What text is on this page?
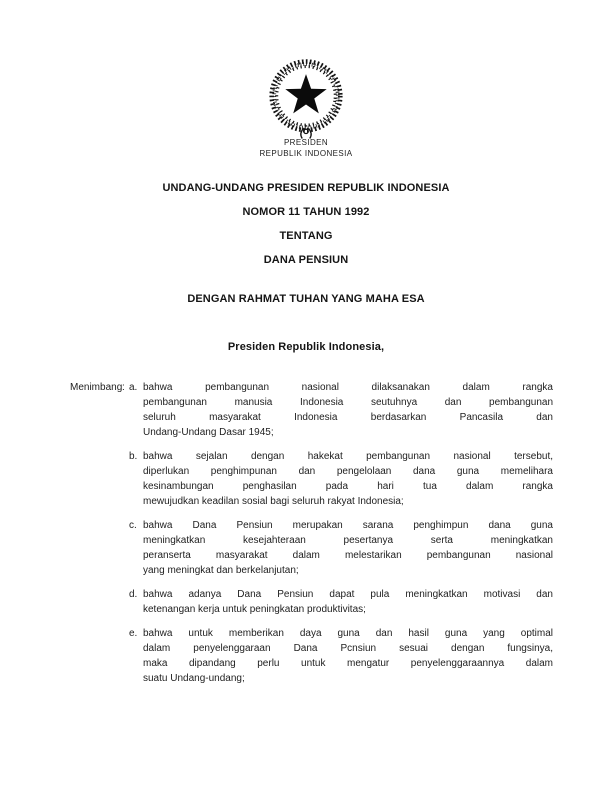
PRESIDEN
REPUBLIK INDONESIA
UNDANG-UNDANG PRESIDEN REPUBLIK INDONESIA
NOMOR 11 TAHUN 1992
TENTANG
DANA PENSIUN
DENGAN RAHMAT TUHAN YANG MAHA ESA
Presiden Republik Indonesia,
Menimbang : a. bahwa pembangunan nasional dilaksanakan dalam rangka
pembangunan manusia Indonesia seutuhnya dan pembangunan
seluruh masyarakat Indonesia berdasarkan Pancasila dan
Undang-Undang Dasar 1945;
b. bahwa sejalan dengan hakekat pembangunan nasional tersebut,
diperlukan penghimpunan dan pengelolaan dana guna memelihara
kesinambungan penghasilan pada hari tua dalam rangka
mewujudkan keadilan sosial bagi seluruh rakyat Indonesia;
c. bahwa Dana Pensiun merupakan sarana penghimpun dana guna
meningkatkan kesejahteraan pesertanya serta meningkatkan
peranserta masyarakat dalam melestarikan pembangunan nasional
yang meningkat dan berkelanjutan;
d. bahwa adanya Dana Pensiun dapat pula meningkatkan motivasi dan
ketenangan kerja untuk peningkatan produktivitas;
e. bahwa untuk memberikan daya guna dan hasil guna yang optimal
dalam penyelenggaraan Dana Pcnsiun sesuai dengan fungsinya,
maka dipandang perlu untuk mengatur penyelenggaraannya dalam
suatu Undang-undang;
